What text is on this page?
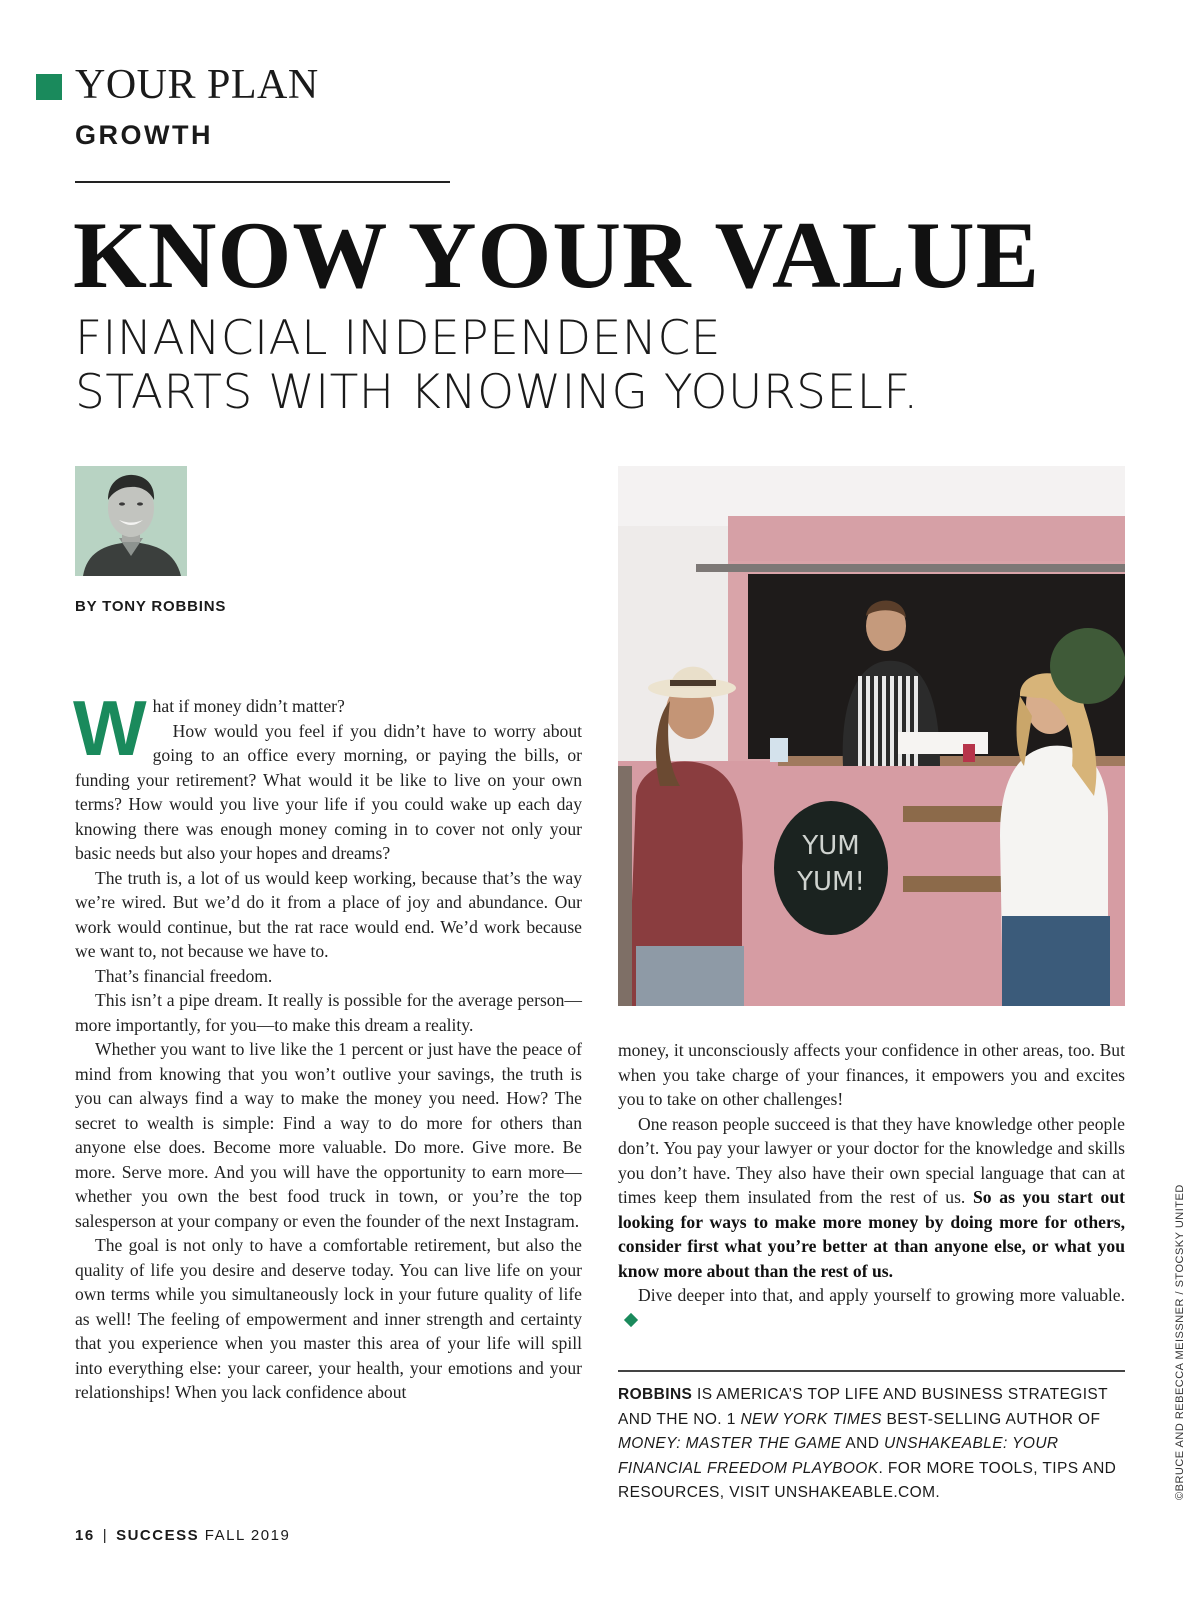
YOUR PLAN
GROWTH
KNOW YOUR VALUE
FINANCIAL INDEPENDENCE
STARTS WITH KNOWING YOURSELF.
BY TONY ROBBINS

What if money didn’t matter?

How would you feel if you didn’t have to worry about going to an office every morning, or paying the bills, or funding your retirement? What would it be like to live on your own terms? How would you live your life if you could wake up each day knowing there was enough money coming in to cover not only your basic needs but also your hopes and dreams?

The truth is, a lot of us would keep working, because that’s the way we’re wired. But we’d do it from a place of joy and abundance. Our work would continue, but the rat race would end. We’d work because we want to, not because we have to.

That’s financial freedom.

This isn’t a pipe dream. It really is possible for the average person—more importantly, for you—to make this dream a reality.

Whether you want to live like the 1 percent or just have the peace of mind from knowing that you won’t outlive your savings, the truth is you can always find a way to make the money you need. How? The secret to wealth is simple: Find a way to do more for others than anyone else does. Become more valuable. Do more. Give more. Be more. Serve more. And you will have the opportunity to earn more—whether you own the best food truck in town, or you’re the top salesperson at your company or even the founder of the next Instagram.

The goal is not only to have a comfortable retirement, but also the quality of life you desire and deserve today. You can live life on your own terms while you simultaneously lock in your future quality of life as well! The feeling of empowerment and inner strength and certainty that you experience when you master this area of your life will spill into everything else: your career, your health, your emotions and your relationships! When you lack confidence about

YUM
YUM!

money, it unconsciously affects your confidence in other areas, too. But when you take charge of your finances, it empowers you and excites you to take on other challenges!

One reason people succeed is that they have knowledge other people don’t. You pay your lawyer or your doctor for the knowledge and skills you don’t have. They also have their own special language that can at times keep them insulated from the rest of us. So as you start out looking for ways to make more money by doing more for others, consider first what you’re better at than anyone else, or what you know more about than the rest of us.

Dive deeper into that, and apply yourself to growing more valuable.

ROBBINS IS AMERICA’S TOP LIFE AND BUSINESS STRATEGIST AND THE NO. 1 NEW YORK TIMES BEST-SELLING AUTHOR OF MONEY: MASTER THE GAME AND UNSHAKEABLE: YOUR FINANCIAL FREEDOM PLAYBOOK. FOR MORE TOOLS, TIPS AND RESOURCES, VISIT UNSHAKEABLE.COM.	©BRUCE AND REBECCA MEISSNER / STOCSKY UNITED
16 | SUCCESS FALL 2019
